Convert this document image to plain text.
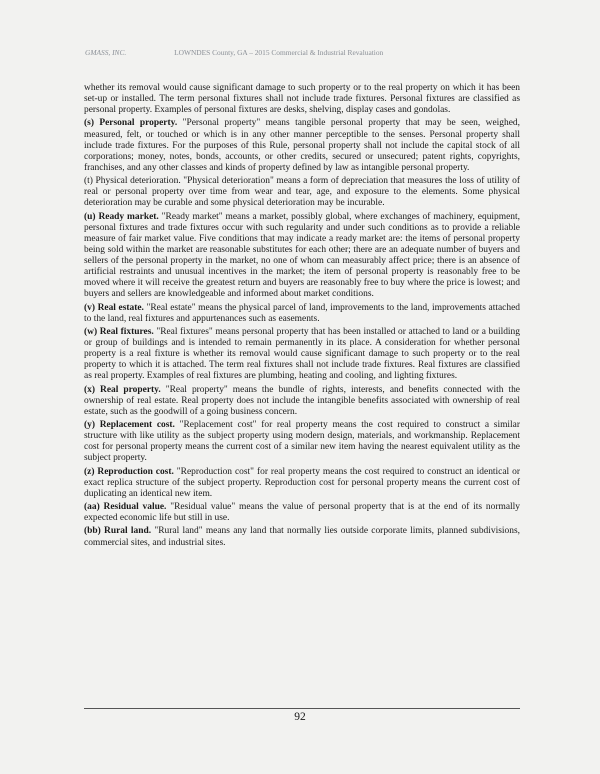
GMASS, INC.	LOWNDES County, GA – 2015 Commercial & Industrial Revaluation

whether its removal would cause significant damage to such property or to the real property on which it has been set-up or installed. The term personal fixtures shall not include trade fixtures. Personal fixtures are classified as personal property. Examples of personal fixtures are desks, shelving, display cases and gondolas.

(s) Personal property. "Personal property" means tangible personal property that may be seen, weighed, measured, felt, or touched or which is in any other manner perceptible to the senses. Personal property shall include trade fixtures. For the purposes of this Rule, personal property shall not include the capital stock of all corporations; money, notes, bonds, accounts, or other credits, secured or unsecured; patent rights, copyrights, franchises, and any other classes and kinds of property defined by law as intangible personal property.

(t) Physical deterioration. "Physical deterioration" means a form of depreciation that measures the loss of utility of real or personal property over time from wear and tear, age, and exposure to the elements. Some physical deterioration may be curable and some physical deterioration may be incurable.

(u) Ready market. "Ready market" means a market, possibly global, where exchanges of machinery, equipment, personal fixtures and trade fixtures occur with such regularity and under such conditions as to provide a reliable measure of fair market value. Five conditions that may indicate a ready market are: the items of personal property being sold within the market are reasonable substitutes for each other; there are an adequate number of buyers and sellers of the personal property in the market, no one of whom can measurably affect price; there is an absence of artificial restraints and unusual incentives in the market; the item of personal property is reasonably free to be moved where it will receive the greatest return and buyers are reasonably free to buy where the price is lowest; and buyers and sellers are knowledgeable and informed about market conditions.

(v) Real estate. "Real estate" means the physical parcel of land, improvements to the land, improvements attached to the land, real fixtures and appurtenances such as easements.

(w) Real fixtures. "Real fixtures" means personal property that has been installed or attached to land or a building or group of buildings and is intended to remain permanently in its place. A consideration for whether personal property is a real fixture is whether its removal would cause significant damage to such property or to the real property to which it is attached. The term real fixtures shall not include trade fixtures. Real fixtures are classified as real property. Examples of real fixtures are plumbing, heating and cooling, and lighting fixtures.

(x) Real property. "Real property" means the bundle of rights, interests, and benefits connected with the ownership of real estate. Real property does not include the intangible benefits associated with ownership of real estate, such as the goodwill of a going business concern.

(y) Replacement cost. "Replacement cost" for real property means the cost required to construct a similar structure with like utility as the subject property using modern design, materials, and workmanship. Replacement cost for personal property means the current cost of a similar new item having the nearest equivalent utility as the subject property.

(z) Reproduction cost. "Reproduction cost" for real property means the cost required to construct an identical or exact replica structure of the subject property. Reproduction cost for personal property means the current cost of duplicating an identical new item.

(aa) Residual value. "Residual value" means the value of personal property that is at the end of its normally expected economic life but still in use.

(bb) Rural land. "Rural land" means any land that normally lies outside corporate limits, planned subdivisions, commercial sites, and industrial sites.

92
